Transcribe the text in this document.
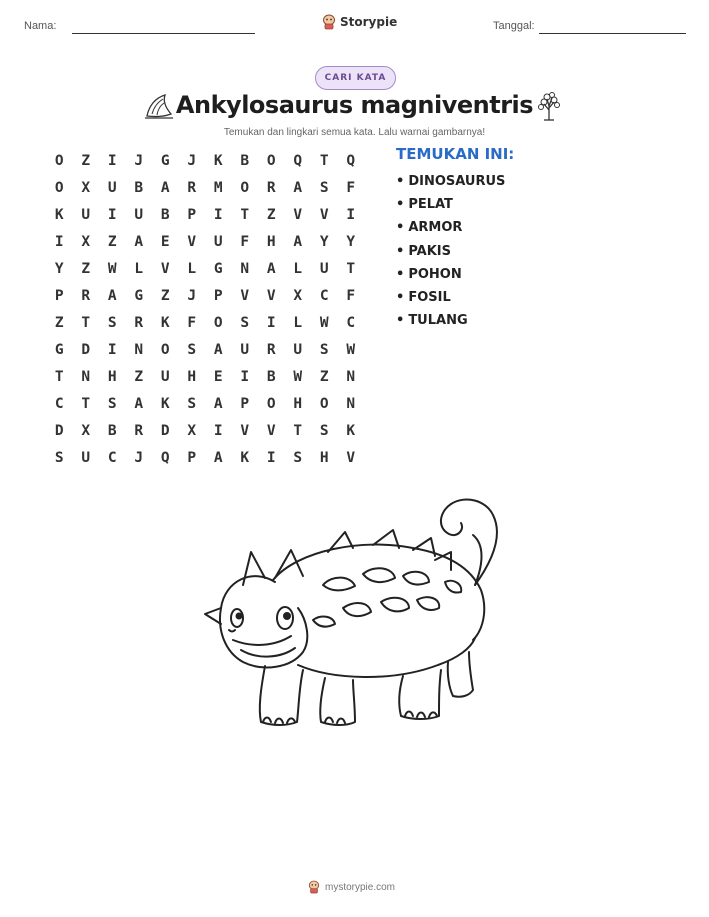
Nama:	Storypie	Tanggal:
CARI KATA
Ankylosaurus magniventris
Temukan dan lingkari semua kata. Lalu warnai gambarnya!
O	Z	I	J	G	J	K	B	O	Q	T	Q
O	X	U	B	A	R	M	O	R	A	S	F
K	U	I	U	B	P	I	T	Z	V	V	I
I	X	Z	A	E	V	U	F	H	A	Y	Y
Y	Z	W	L	V	L	G	N	A	L	U	T
P	R	A	G	Z	J	P	V	V	X	C	F
Z	T	S	R	K	F	O	S	I	L	W	C
G	D	I	N	O	S	A	U	R	U	S	W
T	N	H	Z	U	H	E	I	B	W	Z	N
C	T	S	A	K	S	A	P	O	H	O	N
D	X	B	R	D	X	I	V	V	T	S	K
S	U	C	J	Q	P	A	K	I	S	H	V
TEMUKAN INI:
• DINOSAURUS
• PELAT
• ARMOR
• PAKIS
• POHON
• FOSIL
• TULANG
mystorypie.com
